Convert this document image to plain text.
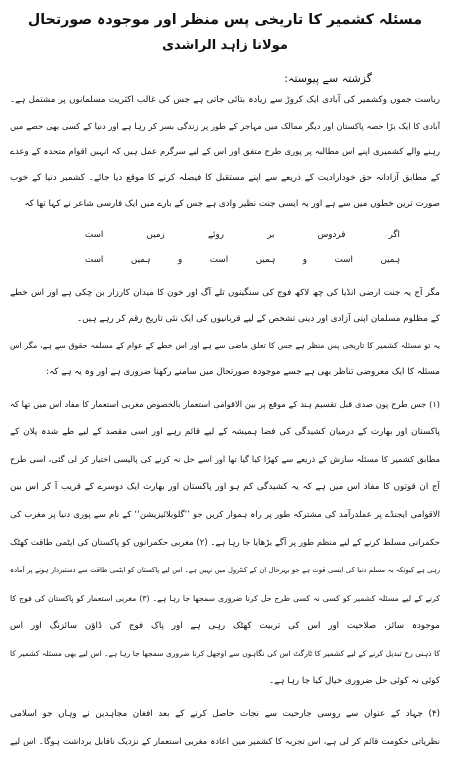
مسئلہ کشمیر کا تاریخی پس منظر اور موجودہ صورتحال
مولانا زاہد الراشدی
گزشتہ سے پیوستہ:
ریاست جموں وکشمیر کی آبادی ایک کروڑ سے زیادہ بتائی جاتی ہے جس کی غالب اکثریت مسلمانوں پر مشتمل ہے۔
آبادی کا ایک بڑا حصہ پاکستان اور دیگر ممالک میں مہاجر کے طور پر زندگی بسر کر رہا ہے اور دنیا کے کسی بھی حصے میں
رہنے والے کشمیری اپنے اس مطالبہ پر پوری طرح متفق اور اس کے لیے سرگرم عمل ہیں کہ انہیں اقوام متحدہ کے وعدے
کے مطابق آزادانہ حق خودارادیت کے ذریعے سے اپنے مستقبل کا فیصلہ کرنے کا موقع دیا جائے۔ کشمیر دنیا کے خوب
صورت ترین خطوں میں سے ہے اور یہ ایسی جنت نظیر وادی ہے جس کے بارے میں ایک فارسی شاعر نے کہا تھا کہ
اگر فردوس بر روئے زمیں است
ہمیں است و ہمیں است و ہمیں است
مگر آج یہ جنت ارضی انڈیا کی چھ لاکھ فوج کی سنگینوں تلے آگ اور خون کا میدان کارزار بن چکی ہے اور اس خطے
کے مظلوم مسلمان اپنی آزادی اور دینی تشخص کے لیے قربانیوں کی ایک نئی تاریخ رقم کر رہے ہیں۔
یہ تو مسئلہ کشمیر کا تاریخی پس منظر ہے جس کا تعلق ماضی سے ہے اور اس خطے کے عوام کے مسلمہ حقوق سے ہے، مگر اس
مسئلہ کا ایک معروضی تناظر بھی ہے جسے موجودہ صورتحال میں سامنے رکھنا ضروری ہے اور وہ یہ ہے کہ:
(۱) جس طرح پون صدی قبل تقسیم ہند کے موقع پر بین الاقوامی استعمار بالخصوص مغربی استعمار کا مفاد اس میں تھا کہ
پاکستان اور بھارت کے درمیان کشیدگی کی فضا ہمیشہ کے لیے قائم رہے اور اسی مقصد کے لیے طے شدہ پلان کے
مطابق کشمیر کا مسئلہ سازش کے ذریعے سے کھڑا کیا گیا تھا اور اسے حل نہ کرنے کی پالیسی اختیار کر لی گئی، اسی طرح
آج ان قوتوں کا مفاد اس میں ہے کہ یہ کشیدگی کم ہو اور پاکستان اور بھارت ایک دوسرے کے قریب آ کر اس بین
الاقوامی ایجنڈے پر عملدرآمد کی مشترکہ طور پر راہ ہموار کریں جو ’’گلوبلائیزیشن‘‘ کے نام سے پوری دنیا پر مغرب کی
حکمرانی مسلط کرنے کے لیے منظم طور پر آگے بڑھایا جا رہا ہے۔ (۲) مغربی حکمرانوں کو پاکستان کی ایٹمی طاقت کھٹک
رہی ہے کیونکہ یہ مسلم دنیا کی ایسی قوت ہے جو بہرحال ان کے کنٹرول میں نہیں ہے۔ اس لیے پاکستان کو ایٹمی طاقت سے دستبردار ہونے پر آمادہ
کرنے کے لیے مسئلہ کشمیر کو کسی نہ کسی طرح حل کرنا ضروری سمجھا جا رہا ہے۔ (۳) مغربی استعمار کو پاکستان کی فوج کا
موجودہ سائز، صلاحیت اور اس کی تربیت کھٹک رہی ہے اور پاک فوج کی ڈاؤن سائزنگ اور اس
کا ذہنی رخ تبدیل کرنے کے لیے کشمیر کا ٹارگٹ اس کی نگاہوں سے اوجھل کرنا ضروری سمجھا جا رہا ہے۔ اس لیے بھی مسئلہ کشمیر کا
کوئی نہ کوئی حل ضروری خیال کیا جا رہا ہے۔
(۴) جہاد کے عنوان سے روسی جارحیت سے نجات حاصل کرنے کے بعد افغان مجاہدین نے وہاں جو اسلامی
نظریاتی حکومت قائم کر لی ہے، اس تجربہ کا کشمیر میں اعادہ مغربی استعمار کے نزدیک ناقابل برداشت ہوگا۔ اس لیے
